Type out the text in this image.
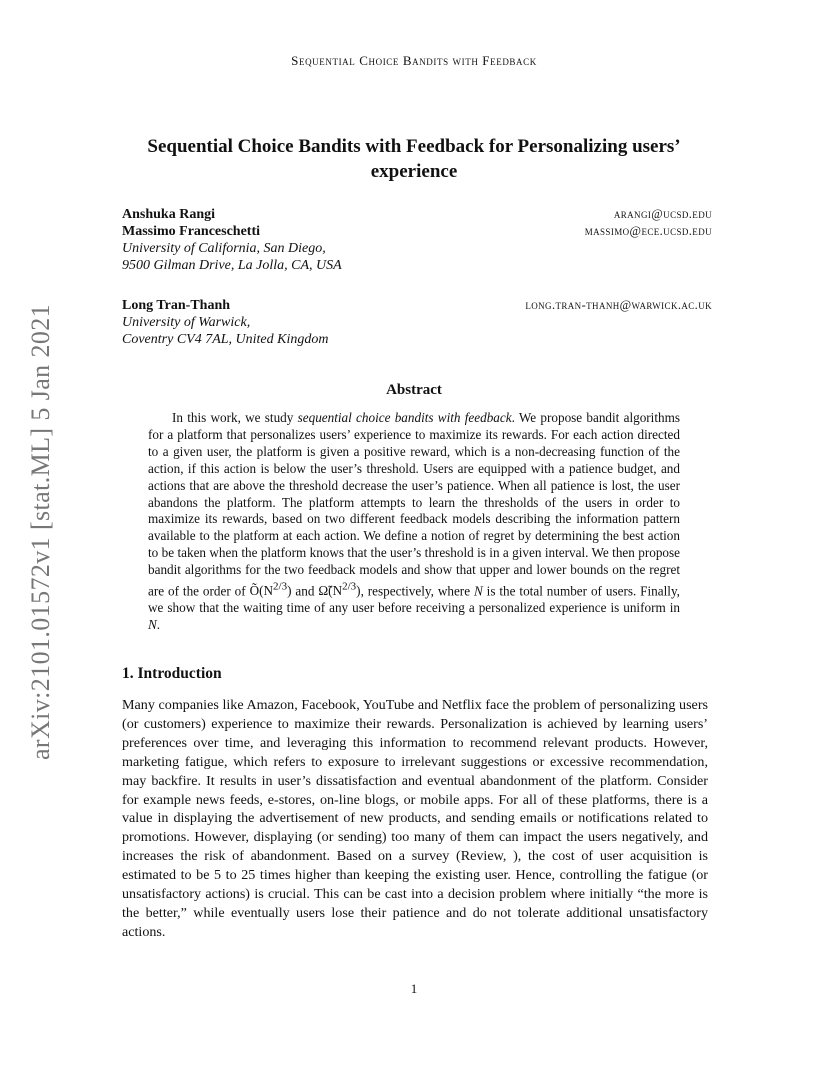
Sequential Choice Bandits with Feedback
Sequential Choice Bandits with Feedback for Personalizing users’ experience
Anshuka Rangi	arangi@ucsd.edu
Massimo Franceschetti	massimo@ece.ucsd.edu
University of California, San Diego,
9500 Gilman Drive, La Jolla, CA, USA
Long Tran-Thanh	long.tran-thanh@warwick.ac.uk
University of Warwick,
Coventry CV4 7AL, United Kingdom
arXiv:2101.01572v1 [stat.ML] 5 Jan 2021	Abstract

In this work, we study sequential choice bandits with feedback. We propose bandit algorithms for a platform that personalizes users’ experience to maximize its rewards. For each action directed to a given user, the platform is given a positive reward, which is a non-decreasing function of the action, if this action is below the user’s threshold. Users are equipped with a patience budget, and actions that are above the threshold decrease the user’s patience. When all patience is lost, the user abandons the platform. The platform attempts to learn the thresholds of the users in order to maximize its rewards, based on two different feedback models describing the information pattern available to the platform at each action. We define a notion of regret by determining the best action to be taken when the platform knows that the user’s threshold is in a given interval. We then propose bandit algorithms for the two feedback models and show that upper and lower bounds on the regret are of the order of $Õ(N^{2/3})$ and $\Omegã(N^{2/3})$, respectively, where N is the total number of users. Finally, we show that the waiting time of any user before receiving a personalized experience is uniform in N.

1. Introduction

Many companies like Amazon, Facebook, YouTube and Netflix face the problem of personalizing users (or customers) experience to maximize their rewards. Personalization is achieved by learning users’ preferences over time, and leveraging this information to recommend relevant products. However, marketing fatigue, which refers to exposure to irrelevant suggestions or excessive recommendation, may backfire. It results in user’s dissatisfaction and eventual abandonment of the platform. Consider for example news feeds, e-stores, on-line blogs, or mobile apps. For all of these platforms, there is a value in displaying the advertisement of new products, and sending emails or notifications related to promotions. However, displaying (or sending) too many of them can impact the users negatively, and increases the risk of abandonment. Based on a survey (Review, ), the cost of user acquisition is estimated to be 5 to 25 times higher than keeping the existing user. Hence, controlling the fatigue (or unsatisfactory actions) is crucial. This can be cast into a decision problem where initially “the more is the better,” while eventually users lose their patience and do not tolerate additional unsatisfactory actions.

1
